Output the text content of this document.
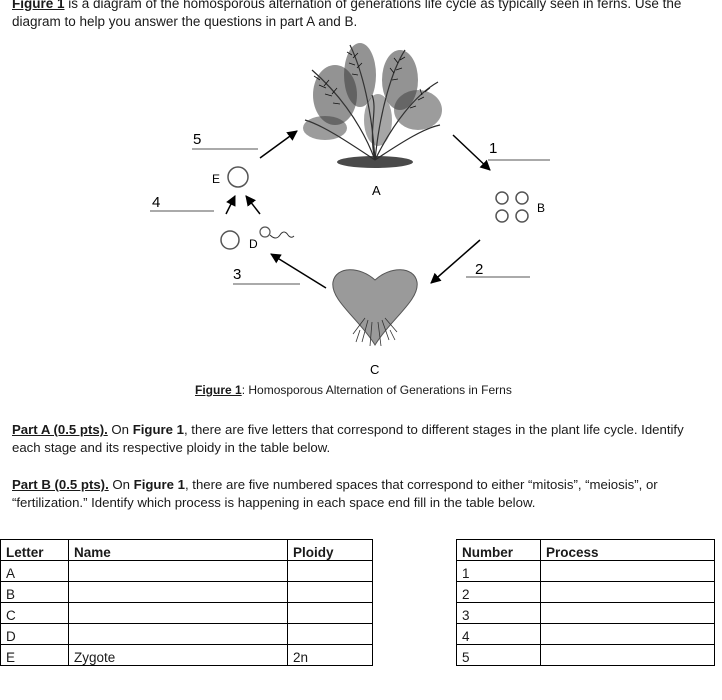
Figure 1 is a diagram of the homosporous alternation of generations life cycle as typically seen in ferns. Use the diagram to help you answer the questions in part A and B.
A
B
C
D
E
1
2
3
4
5
Figure 1: Homosporous Alternation of Generations in Ferns
Part A (0.5 pts). On Figure 1, there are five letters that correspond to different stages in the plant life cycle. Identify each stage and its respective ploidy in the table below.
Part B (0.5 pts). On Figure 1, there are five numbered spaces that correspond to either “mitosis”, “meiosis”, or “fertilization.” Identify which process is happening in each space end fill in the table below.
Letter	Name	Ploidy
A		
B		
C		
D		
E	Zygote	2n
Number	Process
1	
2	
3	
4	
5	
